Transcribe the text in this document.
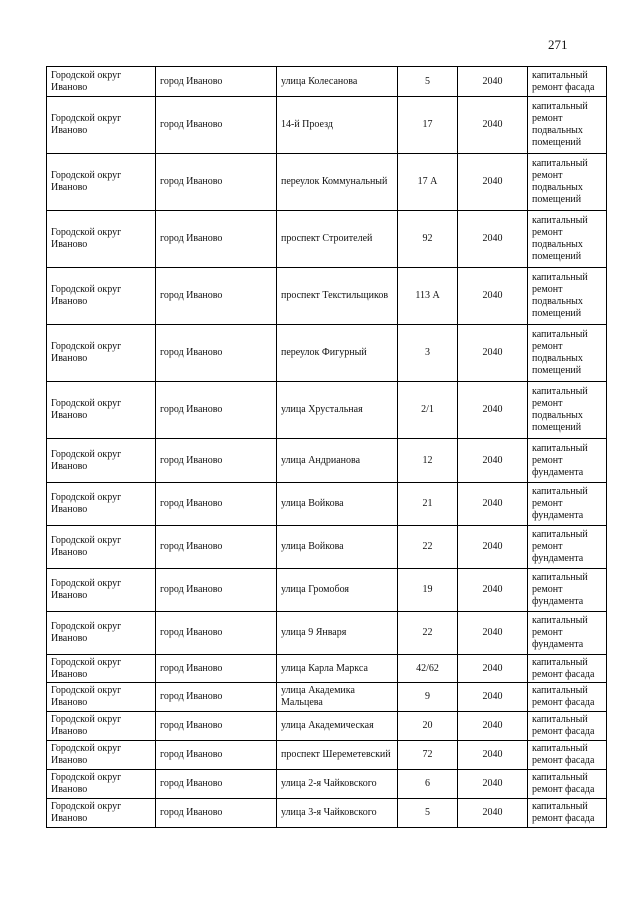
271
Городской округ Иваново	город Иваново	улица Колесанова	5	2040	капитальный ремонт фасада
Городской округ Иваново	город Иваново	14-й Проезд	17	2040	капитальный ремонт подвальных помещений
Городской округ Иваново	город Иваново	переулок Коммунальный	17 А	2040	капитальный ремонт подвальных помещений
Городской округ Иваново	город Иваново	проспект Строителей	92	2040	капитальный ремонт подвальных помещений
Городской округ Иваново	город Иваново	проспект Текстильщиков	113 А	2040	капитальный ремонт подвальных помещений
Городской округ Иваново	город Иваново	переулок Фигурный	3	2040	капитальный ремонт подвальных помещений
Городской округ Иваново	город Иваново	улица Хрустальная	2/1	2040	капитальный ремонт подвальных помещений
Городской округ Иваново	город Иваново	улица Андрианова	12	2040	капитальный ремонт фундамента
Городской округ Иваново	город Иваново	улица Войкова	21	2040	капитальный ремонт фундамента
Городской округ Иваново	город Иваново	улица Войкова	22	2040	капитальный ремонт фундамента
Городской округ Иваново	город Иваново	улица Громобоя	19	2040	капитальный ремонт фундамента
Городской округ Иваново	город Иваново	улица 9 Января	22	2040	капитальный ремонт фундамента
Городской округ Иваново	город Иваново	улица Карла Маркса	42/62	2040	капитальный ремонт фасада
Городской округ Иваново	город Иваново	улица Академика Мальцева	9	2040	капитальный ремонт фасада
Городской округ Иваново	город Иваново	улица Академическая	20	2040	капитальный ремонт фасада
Городской округ Иваново	город Иваново	проспект Шереметевский	72	2040	капитальный ремонт фасада
Городской округ Иваново	город Иваново	улица 2-я Чайковского	6	2040	капитальный ремонт фасада
Городской округ Иваново	город Иваново	улица 3-я Чайковского	5	2040	капитальный ремонт фасада
